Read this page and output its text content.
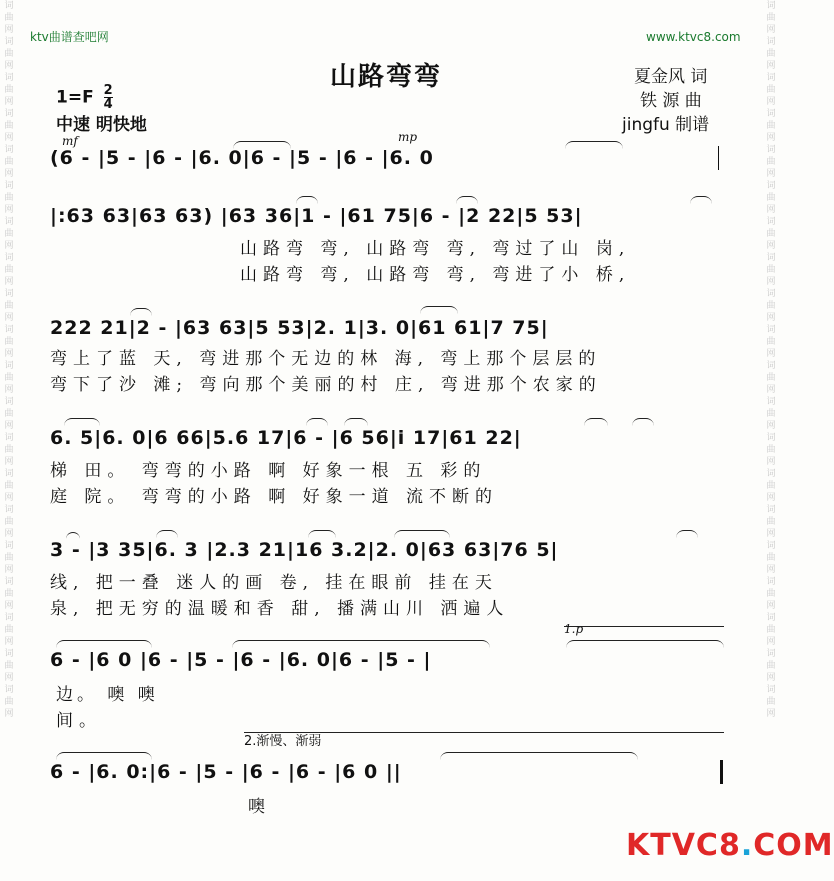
词曲网词曲网词曲网词曲网词曲网词曲网词曲网词曲网词曲网词曲网词曲网词曲网词曲网词曲网词曲网词曲网词曲网词曲网词曲网词曲网
词曲网词曲网词曲网词曲网词曲网词曲网词曲网词曲网词曲网词曲网词曲网词曲网词曲网词曲网词曲网词曲网词曲网词曲网词曲网词曲网
ktv曲谱查吧网	www.ktvc8.com
山路弯弯	夏金风 词
铁 源 曲
jingfu 制谱
$1=F \frac{2}{4}$
中速 明快地
mf	mp
(6 - |5 - |6 - |6. 0|6 - |5 - |6 - |6. 0
|:63 63|63 63) |63 36|1 - |61 75|6 - |2 22|5 53|
山路弯 弯, 山路弯 弯, 弯过了山 岗,
山路弯 弯, 山路弯 弯, 弯进了小 桥,
222 21|2 - |63 63|5 53|2. 1|3. 0|61 61|7 75|
弯上了蓝 天, 弯进那个无边的林 海, 弯上那个层层的
弯下了沙 滩; 弯向那个美丽的村 庄, 弯进那个农家的
6. 5|6. 0|6 66|5.6 17|6 - |6 56|i 17|61 22|
梯 田。 弯弯的小路 啊 好象一根 五 彩的
庭 院。 弯弯的小路 啊 好象一道 流不断的
3 - |3 35|6. 3 |2.3 21|16 3.2|2. 0|63 63|76 5|
线, 把一叠 迷人的画 卷, 挂在眼前 挂在天
泉, 把无穷的温暖和香 甜, 播满山川 洒遍人
1.p
6 - |6 0 |6 - |5 - |6 - |6. 0|6 - |5 - |
边。 噢 噢
间。
2.渐慢、渐弱
6 - |6. 0:|6 - |5 - |6 - |6 - |6 0 ||
噢
KTVC8.COM
